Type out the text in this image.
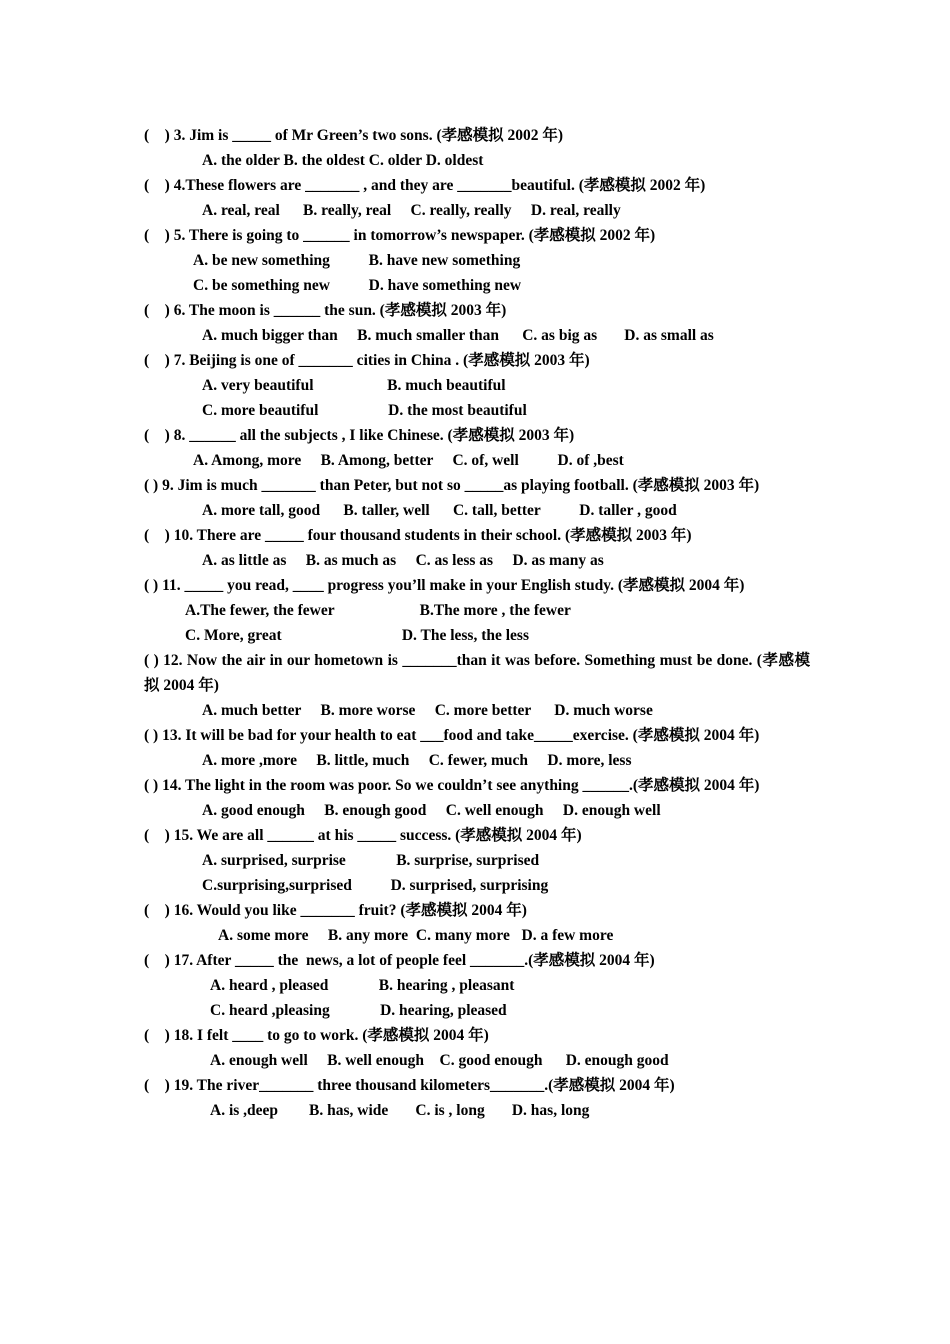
(    ) 3. Jim is _____ of Mr Green’s two sons. (孝感模拟 2002 年)
A. the older B. the oldest C. older D. oldest
(    ) 4.These flowers are _______ , and they are _______beautiful. (孝感模拟 2002 年)
A. real, real      B. really, real     C. really, really     D. real, really
(    ) 5. There is going to ______ in tomorrow’s newspaper. (孝感模拟 2002 年)
A. be new something          B. have new something
C. be something new          D. have something new
(    ) 6. The moon is ______ the sun. (孝感模拟 2003 年)
A. much bigger than     B. much smaller than      C. as big as       D. as small as
(    ) 7. Beijing is one of _______ cities in China . (孝感模拟 2003 年)
A. very beautiful                   B. much beautiful
C. more beautiful                  D. the most beautiful
(    ) 8. ______ all the subjects , I like Chinese. (孝感模拟 2003 年)
A. Among, more     B. Among, better     C. of, well          D. of ,best
( ) 9. Jim is much _______ than Peter, but not so _____as playing football. (孝感模拟 2003 年)
A. more tall, good      B. taller, well      C. tall, better          D. taller , good
(    ) 10. There are _____ four thousand students in their school. (孝感模拟 2003 年)
A. as little as     B. as much as     C. as less as     D. as many as
( ) 11. _____ you read, ____ progress you’ll make in your English study. (孝感模拟 2004 年)
A.The fewer, the fewer                      B.The more , the fewer
C. More, great                               D. The less, the less
( ) 12. Now the air in our hometown is _______than it was before. Something must be done. (孝感模拟 2004 年)
A. much better     B. more worse     C. more better      D. much worse
( ) 13. It will be bad for your health to eat ___food and take_____exercise. (孝感模拟 2004 年)
A. more ,more     B. little, much     C. fewer, much     D. more, less
( ) 14. The light in the room was poor. So we couldn’t see anything ______.(孝感模拟 2004 年)
A. good enough     B. enough good     C. well enough     D. enough well
(    ) 15. We are all ______ at his _____ success. (孝感模拟 2004 年)
A. surprised, surprise             B. surprise, surprised
C.surprising,surprised          D. surprised, surprising
(    ) 16. Would you like _______ fruit? (孝感模拟 2004 年)
A. some more     B. any more  C. many more   D. a few more
(    ) 17. After _____ the  news, a lot of people feel _______.(孝感模拟 2004 年)
A. heard , pleased             B. hearing , pleasant
C. heard ,pleasing             D. hearing, pleased
(    ) 18. I felt ____ to go to work. (孝感模拟 2004 年)
A. enough well     B. well enough    C. good enough      D. enough good
(    ) 19. The river_______ three thousand kilometers_______.(孝感模拟 2004 年)
A. is ,deep        B. has, wide       C. is , long       D. has, long
